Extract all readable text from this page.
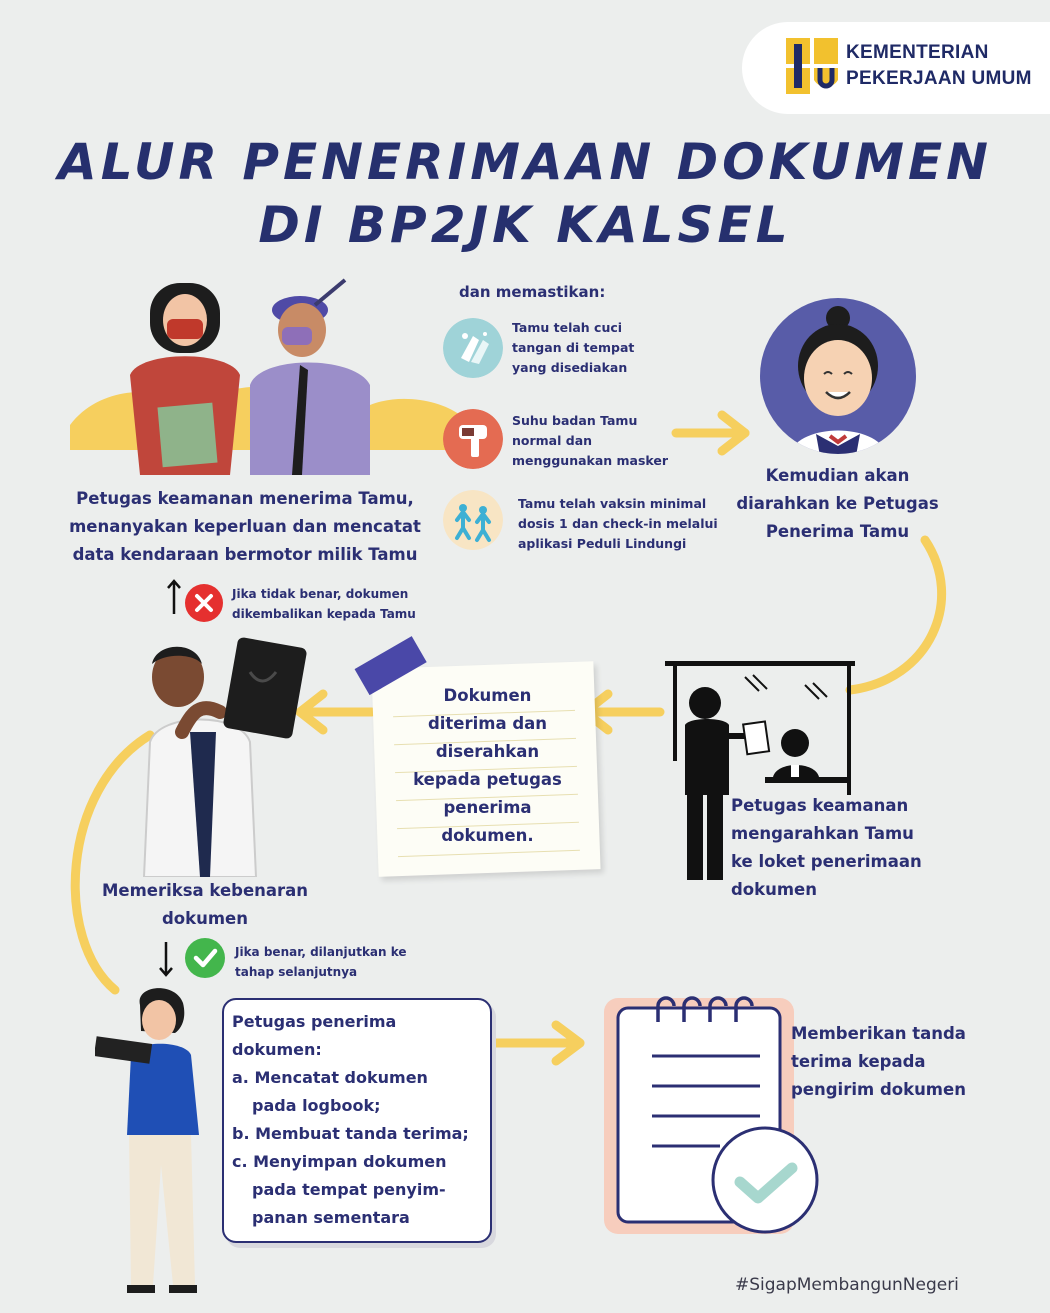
KEMENTERIAN
PEKERJAAN UMUM
ALUR PENERIMAAN DOKUMEN
DI BP2JK KALSEL
Petugas keamanan menerima Tamu,
menanyakan keperluan dan mencatat
data kendaraan bermotor milik Tamu
dan memastikan:
Tamu telah cuci
tangan di tempat
yang disediakan
Suhu badan Tamu
normal dan
menggunakan masker
Tamu telah vaksin minimal
dosis 1 dan check-in melalui
aplikasi Peduli Lindungi
Kemudian akan
diarahkan ke Petugas
Penerima Tamu
Jika tidak benar, dokumen
dikembalikan kepada Tamu
Memeriksa kebenaran
dokumen
Dokumen
diterima dan
diserahkan
kepada petugas
penerima
dokumen.
Petugas keamanan
mengarahkan Tamu
ke loket penerimaan
dokumen
Jika benar, dilanjutkan ke
tahap selanjutnya
Petugas penerima
dokumen:
a. Mencatat dokumen
pada logbook;
b. Membuat tanda terima;
c. Menyimpan dokumen
pada tempat penyim-
panan sementara
Memberikan tanda
terima kepada
pengirim dokumen
#SigapMembangunNegeri
